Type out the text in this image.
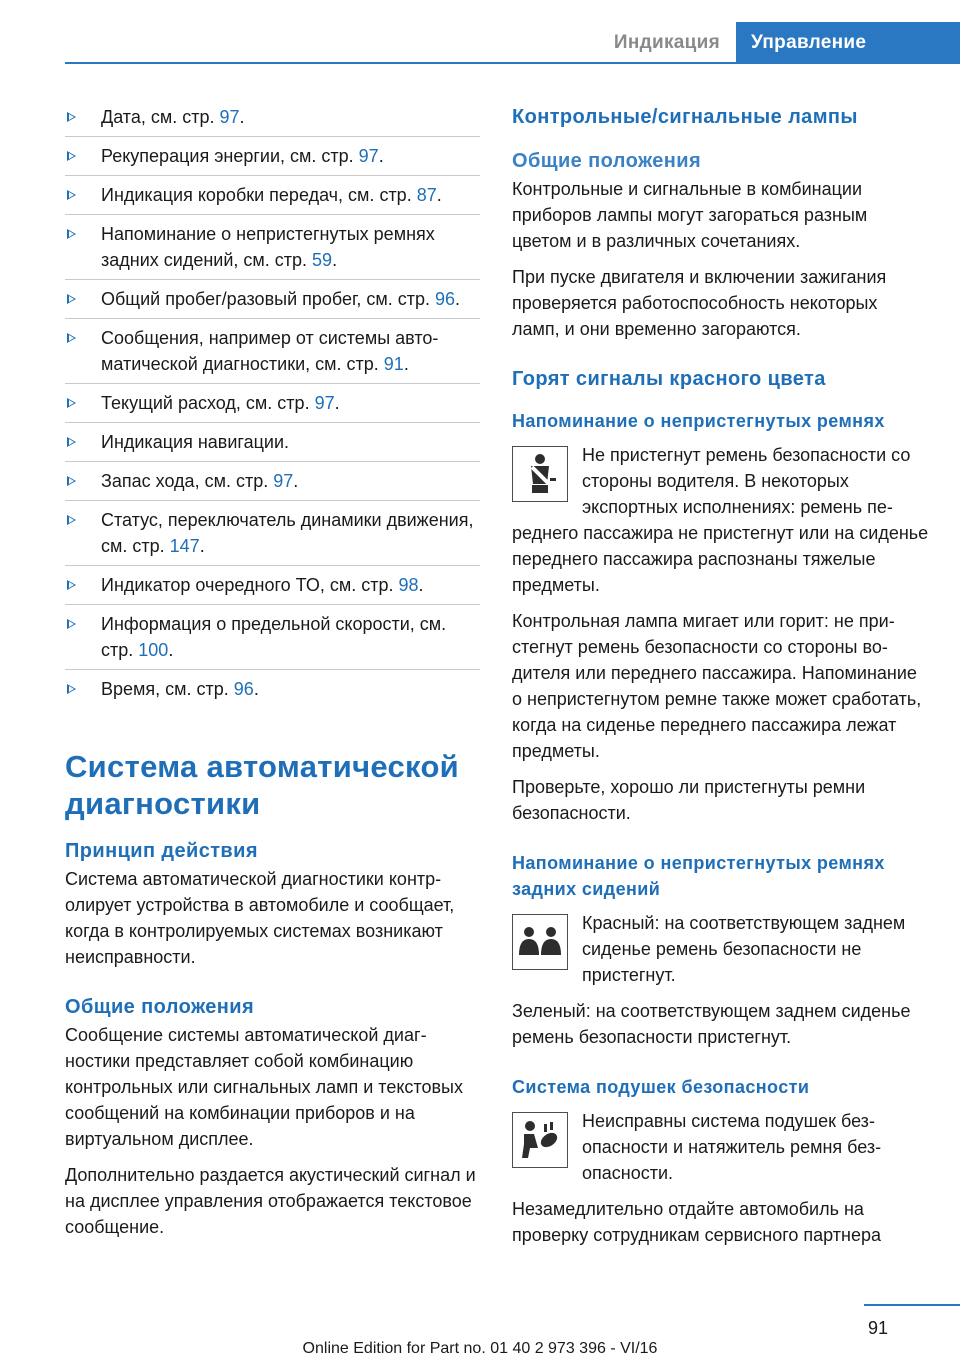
Индикация	Управление
Дата, см. стр. 97.
Рекуперация энергии, см. стр. 97.
Индикация коробки передач, см. стр. 87.
Напоминание о непристегнутых ремнях задних сидений, см. стр. 59.
Общий пробег/разовый пробег, см. стр. 96.
Сообщения, например от системы автоматической диагностики, см. стр. 91.
Текущий расход, см. стр. 97.
Индикация навигации.
Запас хода, см. стр. 97.
Статус, переключатель динамики движения, см. стр. 147.
Индикатор очередного ТО, см. стр. 98.
Информация о предельной скорости, см. стр. 100.
Время, см. стр. 96.
Система автоматической диагностики
Принцип действия

Система автоматической диагностики контролирует устройства в автомобиле и сообщает, когда в контролируемых системах возникают неисправности.

Общие положения

Сообщение системы автоматической диагностики представляет собой комбинацию контрольных или сигнальных ламп и текстовых сообщений на комбинации приборов и на виртуальном дисплее.

Дополнительно раздается акустический сигнал и на дисплее управления отображается текстовое сообщение.

Контрольные/сигнальные лампы
Общие положения

Контрольные и сигнальные в комбинации приборов лампы могут загораться разным цветом и в различных сочетаниях.

При пуске двигателя и включении зажигания проверяется работоспособность некоторых ламп, и они временно загораются.

Горят сигналы красного цвета
Напоминание о непристегнутых ремнях

Не пристегнут ремень безопасности со стороны водителя. В некоторых экспортных исполнениях: ремень переднего пассажира не пристегнут или на сиденье переднего пассажира распознаны тяжелые предметы.

Контрольная лампа мигает или горит: не пристегнут ремень безопасности со стороны водителя или переднего пассажира. Напоминание о непристегнутом ремне также может сработать, когда на сиденье переднего пассажира лежат предметы.

Проверьте, хорошо ли пристегнуты ремни безопасности.

Напоминание о непристегнутых ремнях задних сидений

Красный: на соответствующем заднем сиденье ремень безопасности не пристегнут.

Зеленый: на соответствующем заднем сиденье ремень безопасности пристегнут.

Система подушек безопасности

Неисправны система подушек безопасности и натяжитель ремня безопасности.

Незамедлительно отдайте автомобиль на проверку сотрудникам сервисного партнера

91
Online Edition for Part no. 01 40 2 973 396 - VI/16
